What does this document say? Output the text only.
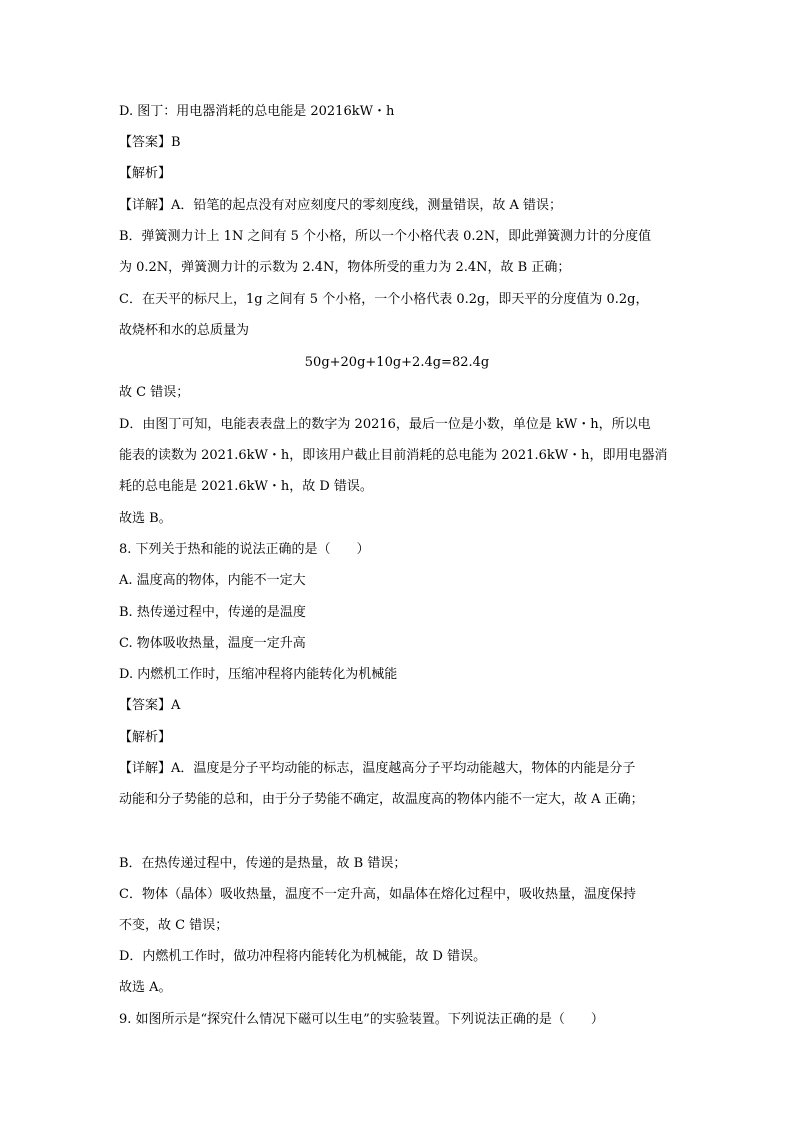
D. 图丁：用电器消耗的总电能是 20216kW・h
【答案】B
【解析】
【详解】A．铅笔的起点没有对应刻度尺的零刻度线，测量错误，故 A 错误；
B．弹簧测力计上 1N 之间有 5 个小格，所以一个小格代表 0.2N，即此弹簧测力计的分度值
为 0.2N，弹簧测力计的示数为 2.4N，物体所受的重力为 2.4N，故 B 正确；
C．在天平的标尺上，1g 之间有 5 个小格，一个小格代表 0.2g，即天平的分度值为 0.2g，
故烧杯和水的总质量为
50g+20g+10g+2.4g=82.4g
故 C 错误；
D．由图丁可知，电能表表盘上的数字为 20216，最后一位是小数，单位是 kW・h，所以电
能表的读数为 2021.6kW・h，即该用户截止目前消耗的总电能为 2021.6kW・h，即用电器消
耗的总电能是 2021.6kW・h，故 D 错误。
故选 B。
8. 下列关于热和能的说法正确的是（　　）
A. 温度高的物体，内能不一定大
B. 热传递过程中，传递的是温度
C. 物体吸收热量，温度一定升高
D. 内燃机工作时，压缩冲程将内能转化为机械能
【答案】A
【解析】
【详解】A．温度是分子平均动能的标志，温度越高分子平均动能越大，物体的内能是分子
动能和分子势能的总和，由于分子势能不确定，故温度高的物体内能不一定大，故 A 正确；
B．在热传递过程中，传递的是热量，故 B 错误；
C．物体（晶体）吸收热量，温度不一定升高，如晶体在熔化过程中，吸收热量，温度保持
不变，故 C 错误；
D．内燃机工作时，做功冲程将内能转化为机械能，故 D 错误。
故选 A。
9. 如图所示是“探究什么情况下磁可以生电”的实验装置。下列说法正确的是（　　）
